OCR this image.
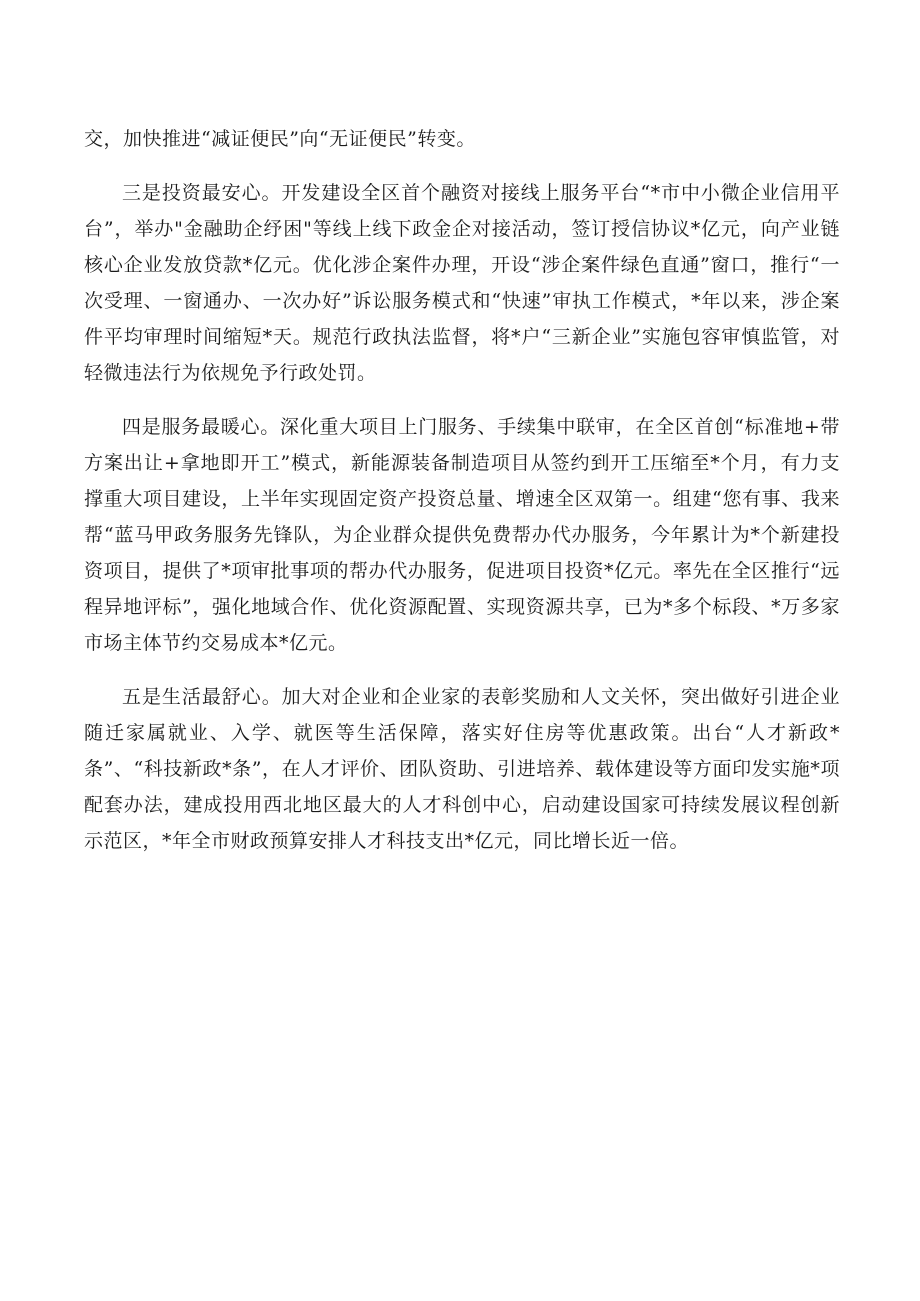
交，加快推进“减证便民”向“无证便民”转变。

三是投资最安心。开发建设全区首个融资对接线上服务平台“*市中小微企业信用平台”，举办"金融助企纾困"等线上线下政金企对接活动，签订授信协议*亿元，向产业链核心企业发放贷款*亿元。优化涉企案件办理，开设“涉企案件绿色直通”窗口，推行“一次受理、一窗通办、一次办好”诉讼服务模式和“快速”审执工作模式，*年以来，涉企案件平均审理时间缩短*天。规范行政执法监督，将*户“三新企业”实施包容审慎监管，对轻微违法行为依规免予行政处罚。

四是服务最暖心。深化重大项目上门服务、手续集中联审，在全区首创“标准地+带方案出让+拿地即开工”模式，新能源装备制造项目从签约到开工压缩至*个月，有力支撑重大项目建设，上半年实现固定资产投资总量、增速全区双第一。组建“您有事、我来帮“蓝马甲政务服务先锋队，为企业群众提供免费帮办代办服务，今年累计为*个新建投资项目，提供了*项审批事项的帮办代办服务，促进项目投资*亿元。率先在全区推行“远程异地评标”，强化地域合作、优化资源配置、实现资源共享，已为*多个标段、*万多家市场主体节约交易成本*亿元。

五是生活最舒心。加大对企业和企业家的表彰奖励和人文关怀，突出做好引进企业随迁家属就业、入学、就医等生活保障，落实好住房等优惠政策。出台“人才新政*条”、“科技新政*条”，在人才评价、团队资助、引进培养、载体建设等方面印发实施*项配套办法，建成投用西北地区最大的人才科创中心，启动建设国家可持续发展议程创新示范区，*年全市财政预算安排人才科技支出*亿元，同比增长近一倍。
